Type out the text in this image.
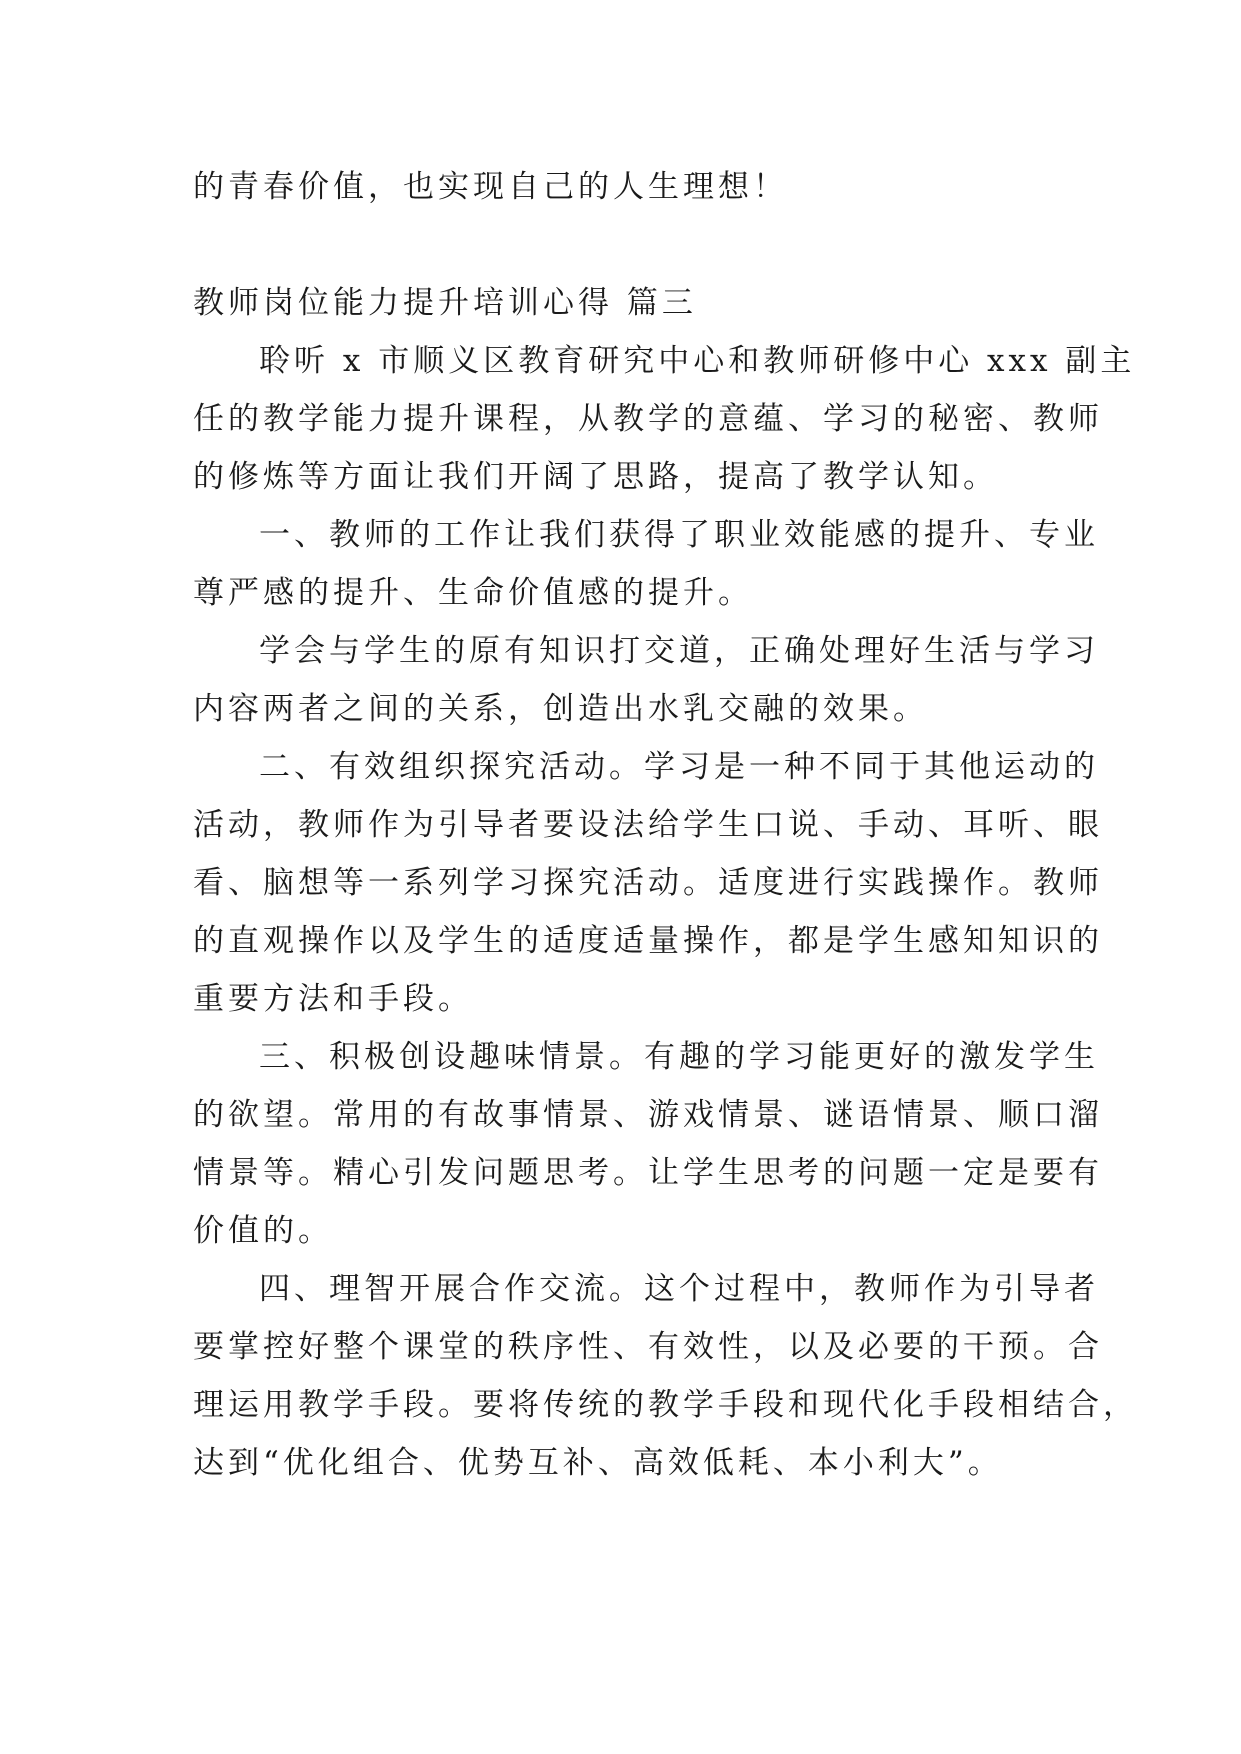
的青春价值，也实现自己的人生理想！

教师岗位能力提升培训心得 篇三

聆听 x 市顺义区教育研究中心和教师研修中心 xxx 副主

任的教学能力提升课程，从教学的意蕴、学习的秘密、教师

的修炼等方面让我们开阔了思路，提高了教学认知。

一、教师的工作让我们获得了职业效能感的提升、专业

尊严感的提升、生命价值感的提升。

学会与学生的原有知识打交道，正确处理好生活与学习

内容两者之间的关系，创造出水乳交融的效果。

二、有效组织探究活动。学习是一种不同于其他运动的

活动，教师作为引导者要设法给学生口说、手动、耳听、眼

看、脑想等一系列学习探究活动。适度进行实践操作。教师

的直观操作以及学生的适度适量操作，都是学生感知知识的

重要方法和手段。

三、积极创设趣味情景。有趣的学习能更好的激发学生

的欲望。常用的有故事情景、游戏情景、谜语情景、顺口溜

情景等。精心引发问题思考。让学生思考的问题一定是要有

价值的。

四、理智开展合作交流。这个过程中，教师作为引导者

要掌控好整个课堂的秩序性、有效性，以及必要的干预。合

理运用教学手段。要将传统的教学手段和现代化手段相结合，

达到“优化组合、优势互补、高效低耗、本小利大”。
